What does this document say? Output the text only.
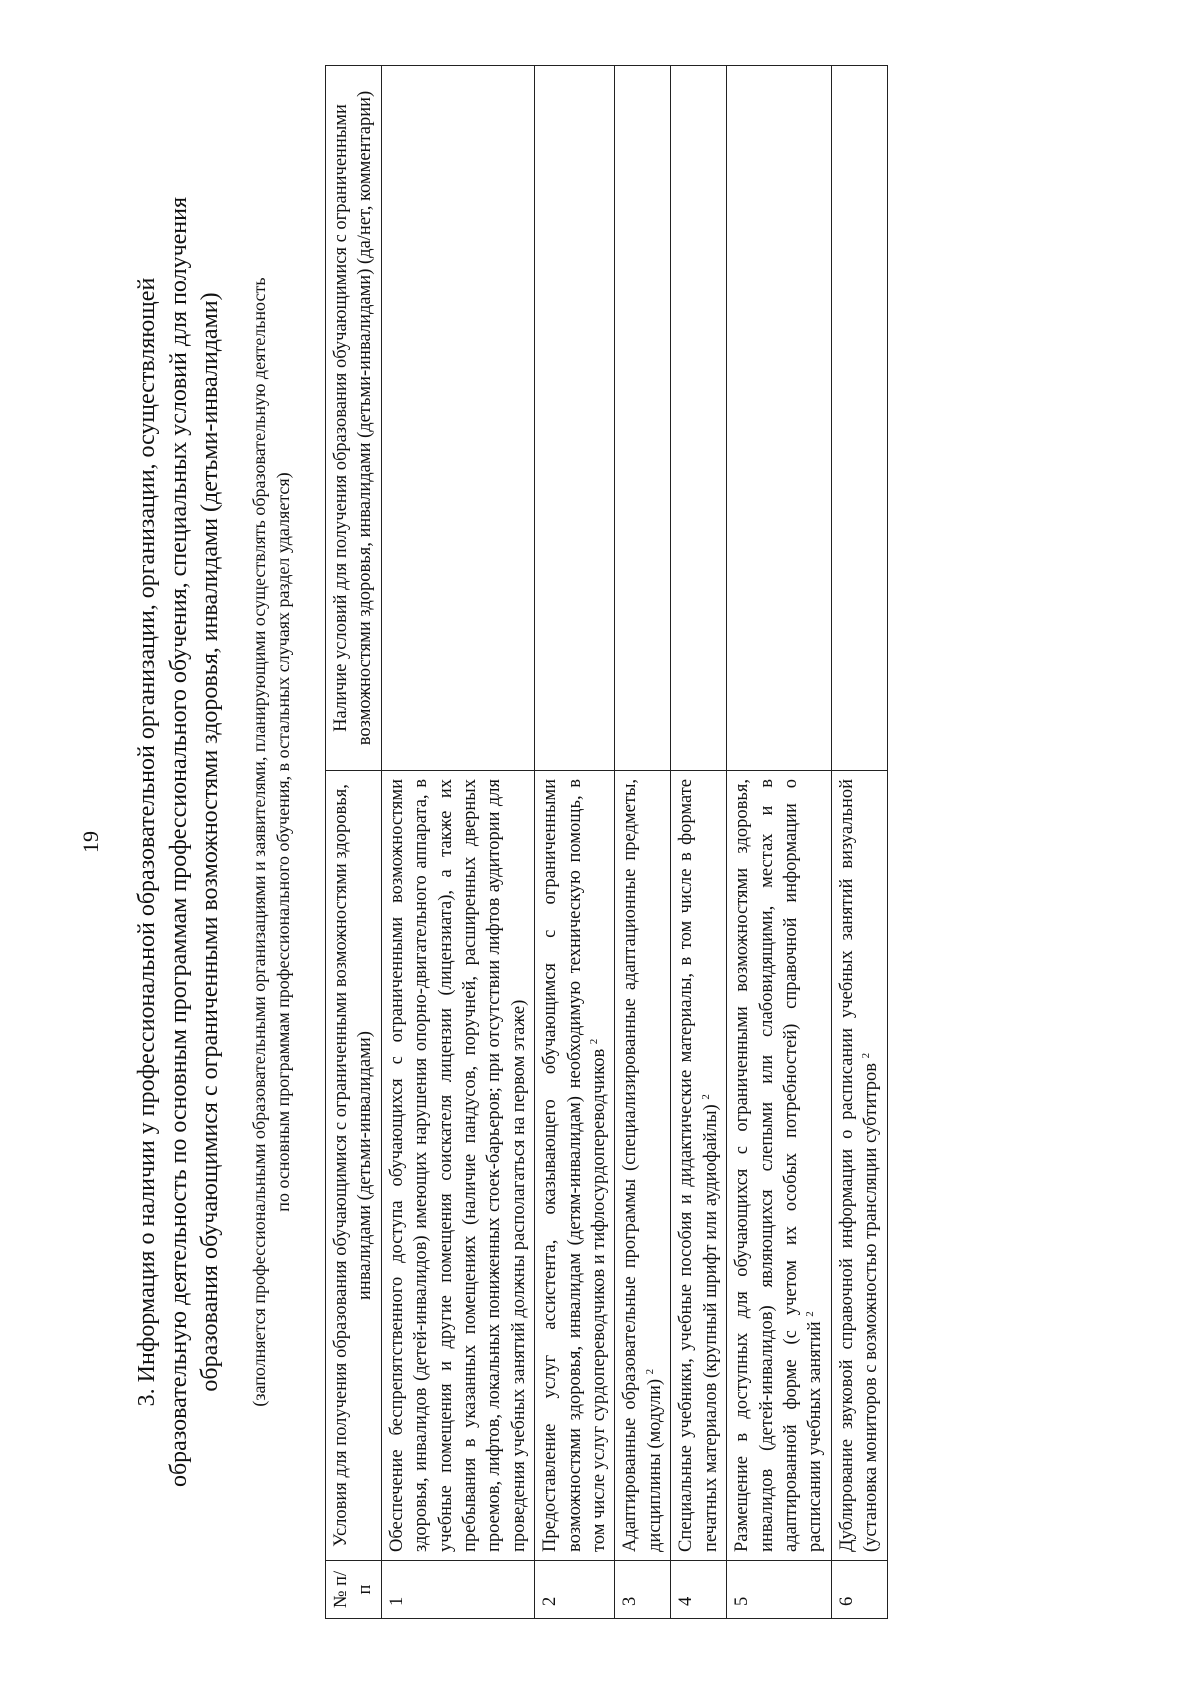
19 3. Информация о наличии у профессиональной образовательной организации, организации, осуществляющей образовательную деятельность по основным программам профессионального обучения, специальных условий для получения образования обучающимися с ограниченными возможностями здоровья, инвалидами (детьми-инвалидами) (заполняется профессиональными образовательными организациями и заявителями, планирующими осуществлять образовательную деятельность по основным программам профессионального обучения, в остальных случаях раздел удаляется)
№ п/п	Условия для получения образования обучающимися с ограниченными возможностями здоровья, инвалидами (детьми-инвалидами)	Наличие условий для получения образования обучающимися с ограниченными возможностями здоровья, инвалидами (детьми-инвалидами) (да/нет, комментарии)
1	Обеспечение беспрепятственного доступа обучающихся с ограниченными возможностями здоровья, инвалидов (детей-инвалидов) имеющих нарушения опорно-двигательного аппарата, в учебные помещения и другие помещения соискателя лицензии (лицензиата), а также их пребывания в указанных помещениях (наличие пандусов, поручней, расширенных дверных проемов, лифтов, локальных пониженных стоек-барьеров; при отсутствии лифтов аудитории для проведения учебных занятий должны располагаться на первом этаже)	
2	Предоставление услуг ассистента, оказывающего обучающимся с ограниченными возможностями здоровья, инвалидам (детям-инвалидам) необходимую техническую помощь, в том числе услуг сурдопереводчиков и тифлосурдопереводчиков $^2$	
3	Адаптированные образовательные программы (специализированные адаптационные предметы, дисциплины (модули) $^2$	
4	Специальные учебники, учебные пособия и дидактические материалы, в том числе в формате печатных материалов (крупный шрифт или аудиофайлы) $^2$	
5	Размещение в доступных для обучающихся с ограниченными возможностями здоровья, инвалидов (детей-инвалидов) являющихся слепыми или слабовидящими, местах и в адаптированной форме (с учетом их особых потребностей) справочной информации о расписании учебных занятий $^2$	
6	Дублирование звуковой справочной информации о расписании учебных занятий визуальной (установка мониторов с возможностью трансляции субтитров $^2$	
